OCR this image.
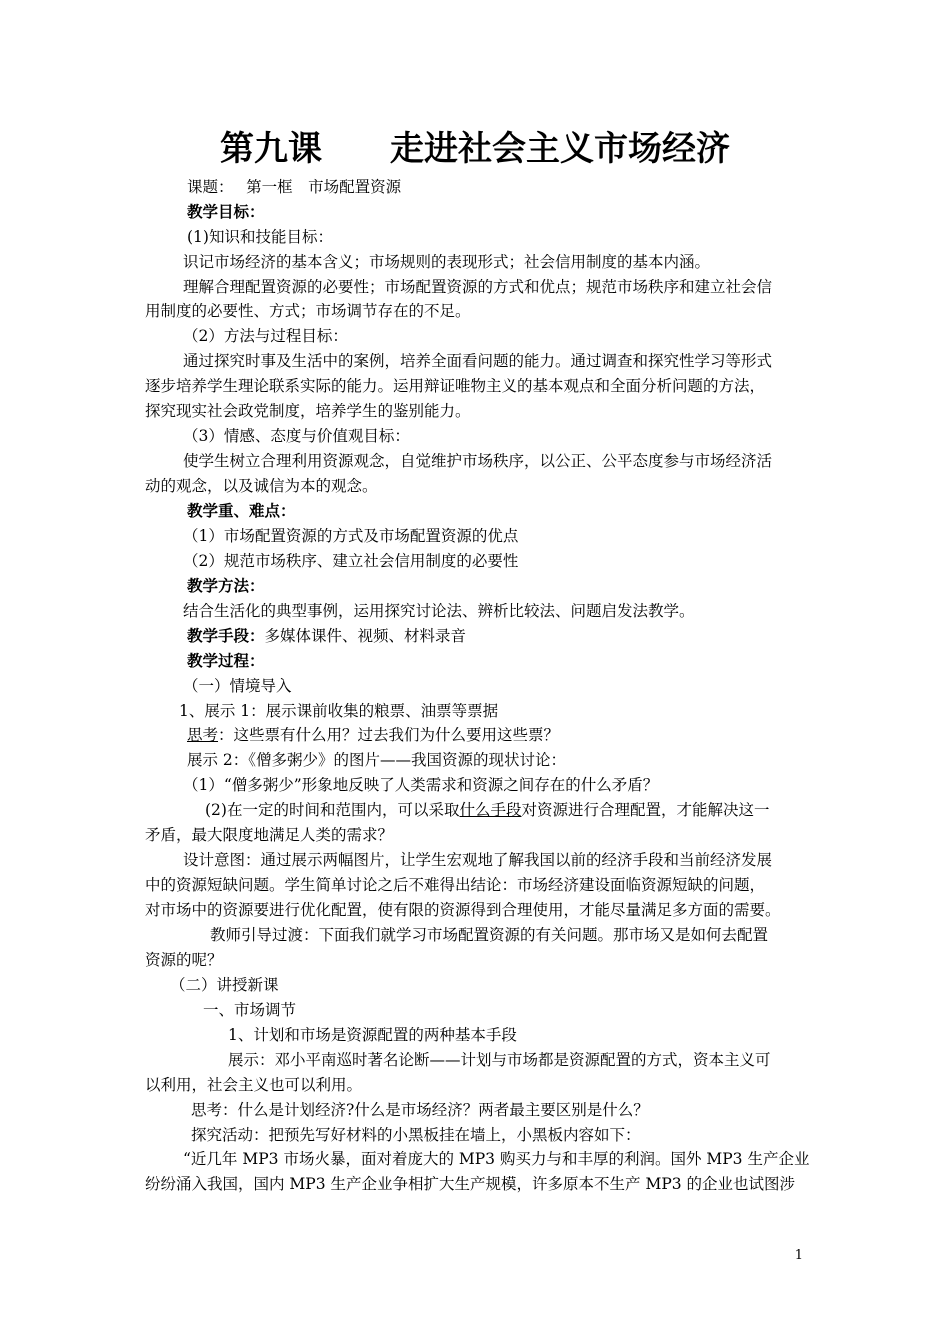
第九课　　走进社会主义市场经济
课题：　 第一框　市场配置资源
教学目标：
(1)知识和技能目标：
识记市场经济的基本含义；市场规则的表现形式；社会信用制度的基本内涵。
理解合理配置资源的必要性；市场配置资源的方式和优点；规范市场秩序和建立社会信
用制度的必要性、方式；市场调节存在的不足。
（2）方法与过程目标：
通过探究时事及生活中的案例，培养全面看问题的能力。通过调查和探究性学习等形式
逐步培养学生理论联系实际的能力。运用辩证唯物主义的基本观点和全面分析问题的方法，
探究现实社会政党制度，培养学生的鉴别能力。
（3）情感、态度与价值观目标：
使学生树立合理利用资源观念，自觉维护市场秩序，以公正、公平态度参与市场经济活
动的观念，以及诚信为本的观念。
教学重、难点：
（1）市场配置资源的方式及市场配置资源的优点
（2）规范市场秩序、建立社会信用制度的必要性
教学方法：
结合生活化的典型事例，运用探究讨论法、辨析比较法、问题启发法教学。
教学手段：多媒体课件、视频、材料录音
教学过程：
（一）情境导入
1、展示 1：展示课前收集的粮票、油票等票据
思考：这些票有什么用？过去我们为什么要用这些票？
展示 2：《僧多粥少》的图片——我国资源的现状讨论：
（1）“僧多粥少”形象地反映了人类需求和资源之间存在的什么矛盾？
(2)在一定的时间和范围内，可以采取什么手段对资源进行合理配置，才能解决这一
矛盾，最大限度地满足人类的需求？
设计意图：通过展示两幅图片，让学生宏观地了解我国以前的经济手段和当前经济发展
中的资源短缺问题。学生简单讨论之后不难得出结论：市场经济建设面临资源短缺的问题，
对市场中的资源要进行优化配置，使有限的资源得到合理使用，才能尽量满足多方面的需要。
教师引导过渡：下面我们就学习市场配置资源的有关问题。那市场又是如何去配置
资源的呢？
（二）讲授新课
一、市场调节
1、计划和市场是资源配置的两种基本手段
展示：邓小平南巡时著名论断——计划与市场都是资源配置的方式，资本主义可
以利用，社会主义也可以利用。
思考：什么是计划经济?什么是市场经济？两者最主要区别是什么？
探究活动：把预先写好材料的小黑板挂在墙上，小黑板内容如下：
“近几年 MP3 市场火暴，面对着庞大的 MP3 购买力与和丰厚的利润。国外 MP3 生产企业
纷纷涌入我国，国内 MP3 生产企业争相扩大生产规模，许多原本不生产 MP3 的企业也试图涉
1
